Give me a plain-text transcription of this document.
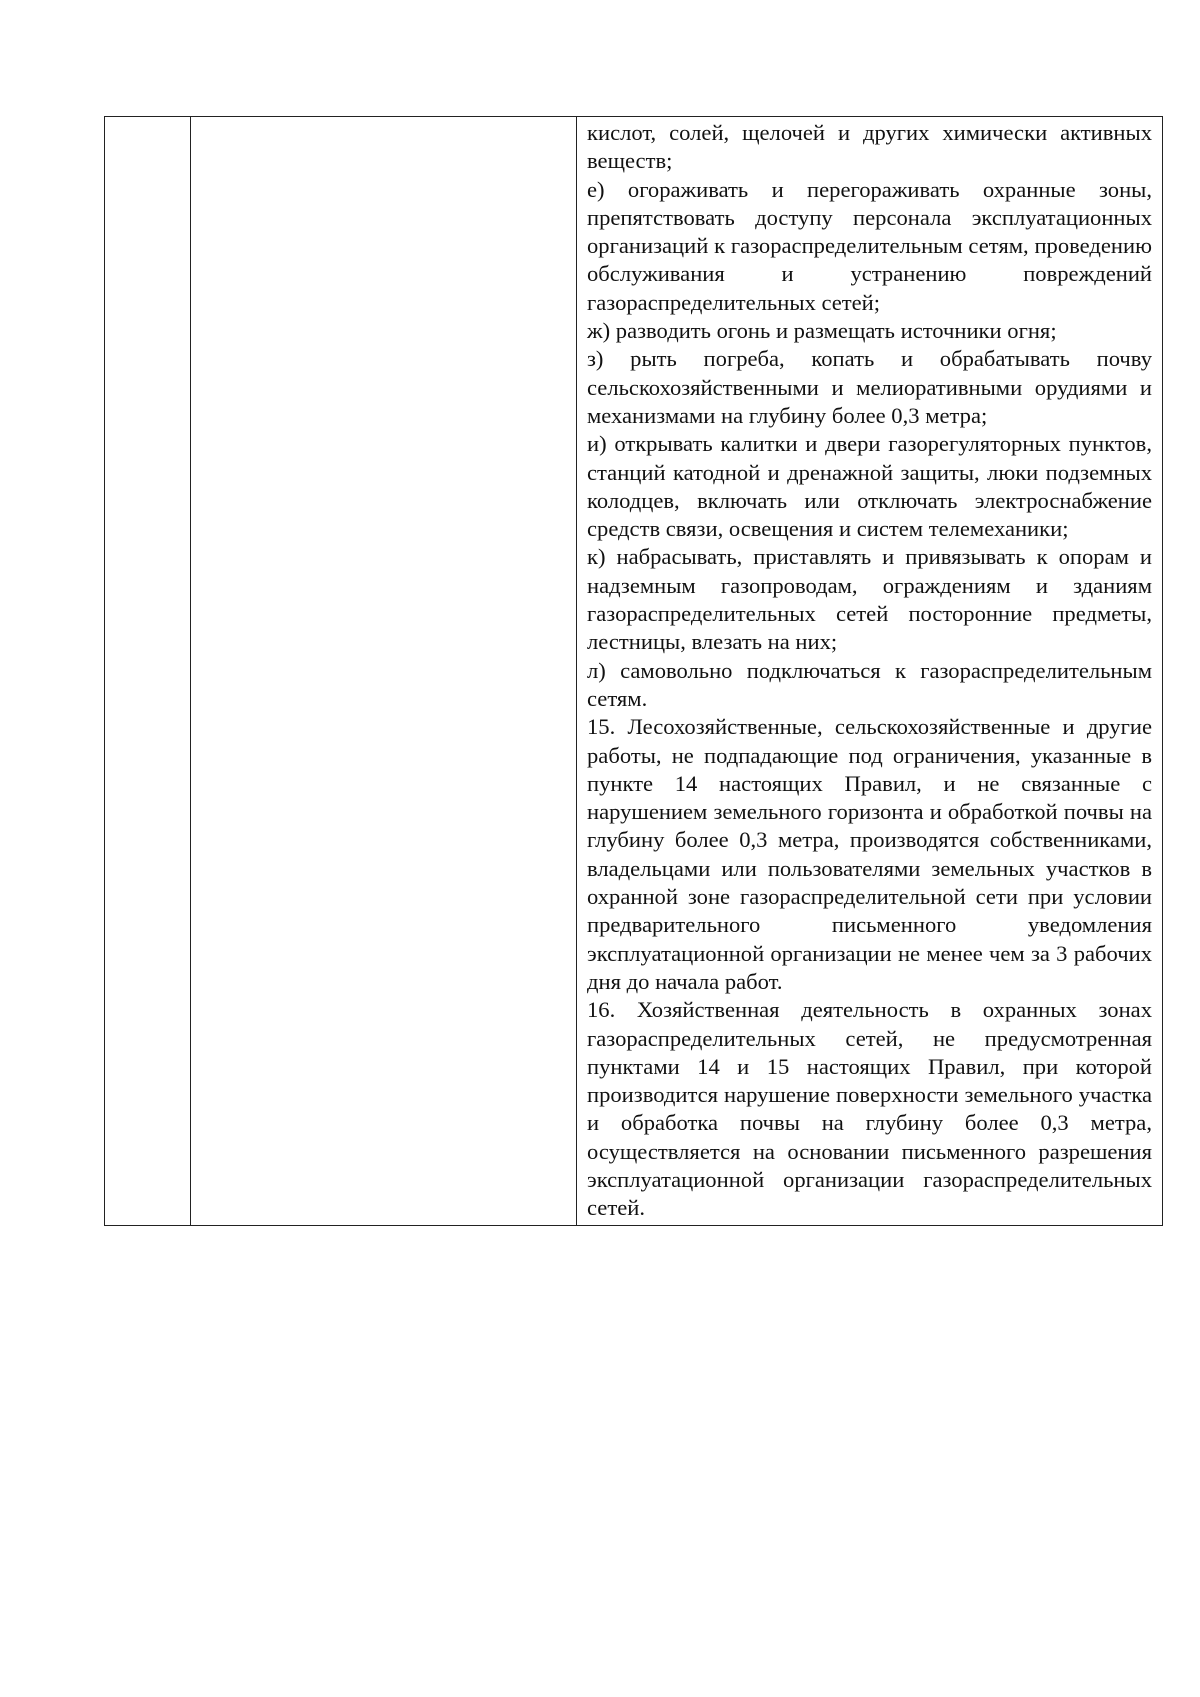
кислот, солей, щелочей и других химически активных веществ;

е) огораживать и перегораживать охранные зоны, препятствовать доступу персонала эксплуатационных организаций к газораспределительным сетям, проведению обслуживания и устранению повреждений газораспределительных сетей;

ж) разводить огонь и размещать источники огня;

з) рыть погреба, копать и обрабатывать почву сельскохозяйственными и мелиоративными орудиями и механизмами на глубину более 0,3 метра;

и) открывать калитки и двери газорегуляторных пунктов, станций катодной и дренажной защиты, люки подземных колодцев, включать или отключать электроснабжение средств связи, освещения и систем телемеханики;

к) набрасывать, приставлять и привязывать к опорам и надземным газопроводам, ограждениям и зданиям газораспределительных сетей посторонние предметы, лестницы, влезать на них;

л) самовольно подключаться к газораспределительным сетям.

15. Лесохозяйственные, сельскохозяйственные и другие работы, не подпадающие под ограничения, указанные в пункте 14 настоящих Правил, и не связанные с нарушением земельного горизонта и обработкой почвы на глубину более 0,3 метра, производятся собственниками, владельцами или пользователями земельных участков в охранной зоне газораспределительной сети при условии предварительного письменного уведомления эксплуатационной организации не менее чем за 3 рабочих дня до начала работ.

16. Хозяйственная деятельность в охранных зонах газораспределительных сетей, не предусмотренная пунктами 14 и 15 настоящих Правил, при которой производится нарушение поверхности земельного участка и обработка почвы на глубину более 0,3 метра, осуществляется на основании письменного разрешения эксплуатационной организации газораспределительных сетей.
